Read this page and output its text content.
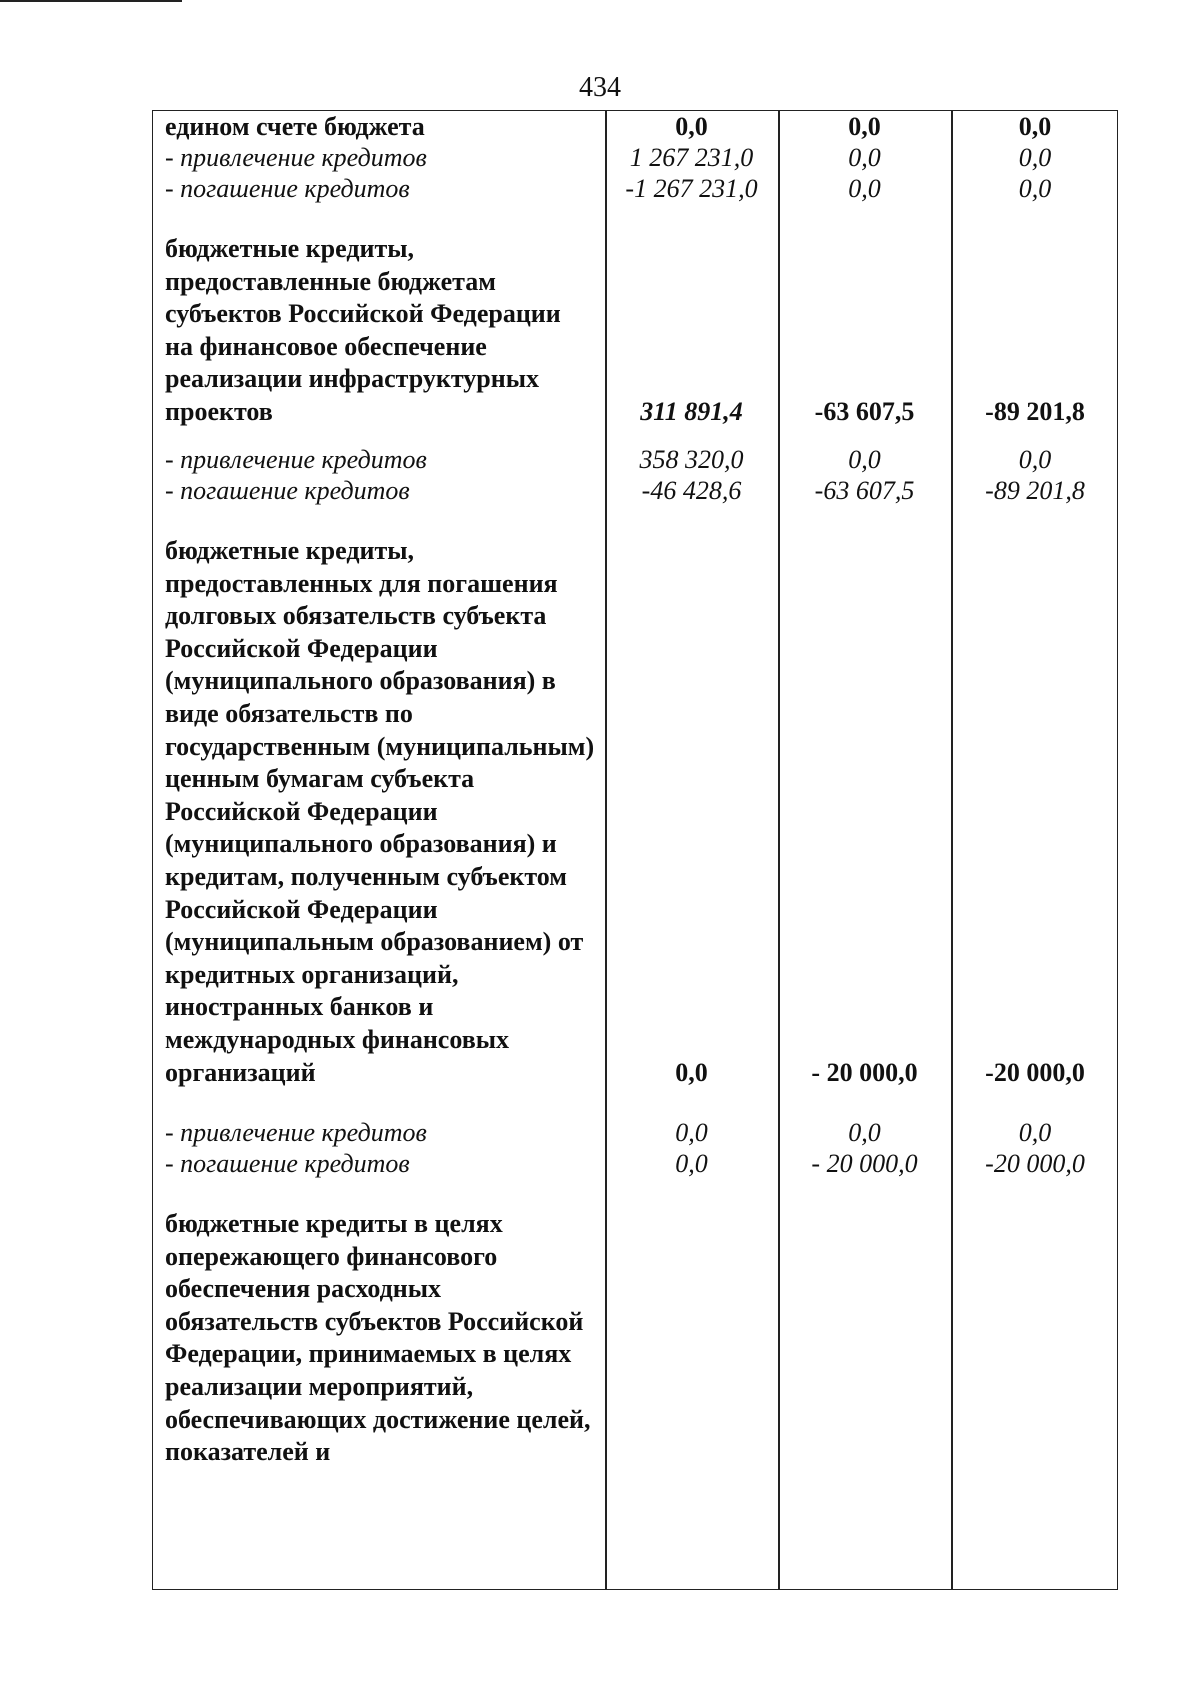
434

едином счете бюджета	0,0	0,0	0,0

- привлечение кредитов	1 267 231,0	0,0	0,0

- погашение кредитов	-1 267 231,0	0,0	0,0

бюджетные кредиты, предоставленные бюджетам субъектов Российской Федерации на финансовое обеспечение реализации инфраструктурных проектов	311 891,4	-63 607,5	-89 201,8

- привлечение кредитов	358 320,0	0,0	0,0

- погашение кредитов	-46 428,6	-63 607,5	-89 201,8

бюджетные кредиты, предоставленных для погашения долговых обязательств субъекта Российской Федерации (муниципального образования) в виде обязательств по государственным (муниципальным) ценным бумагам субъекта Российской Федерации (муниципального образования) и кредитам, полученным субъектом Российской Федерации (муниципальным образованием) от кредитных организаций, иностранных банков и международных финансовых организаций	0,0	- 20 000,0	-20 000,0

- привлечение кредитов	0,0	0,0	0,0

- погашение кредитов	0,0	- 20 000,0	-20 000,0

бюджетные кредиты в целях опережающего финансового обеспечения расходных обязательств субъектов Российской Федерации, принимаемых в целях реализации мероприятий, обеспечивающих достижение целей, показателей и
